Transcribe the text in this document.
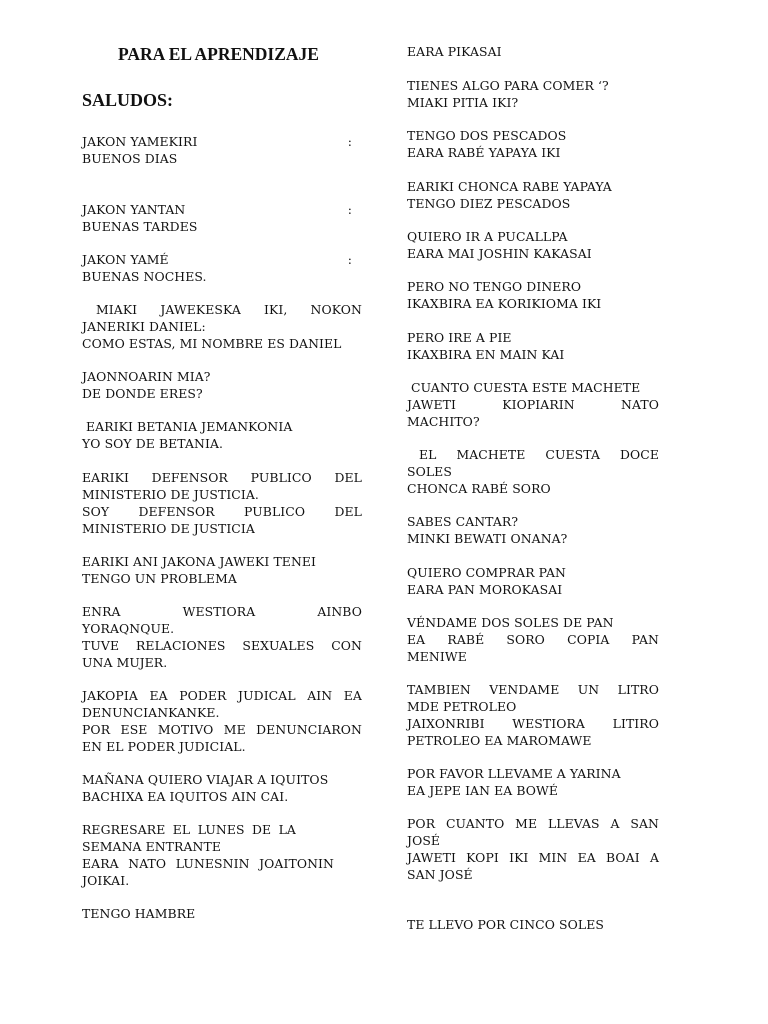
PARA EL APRENDIZAJE
SALUDOS:

JAKON YAMEKIRI	:

BUENOS DIAS

JAKON YANTAN	:

BUENAS TARDES

JAKON YAMÉ	:

BUENAS NOCHES.

MIAKI JAWEKESKA IKI, NOKON

JANERIKI DANIEL:

COMO ESTAS, MI NOMBRE ES DANIEL

JAONNOARIN MIA?

DE DONDE ERES?

EARIKI BETANIA JEMANKONIA

YO SOY DE BETANIA.

EARIKI DEFENSOR PUBLICO DEL

MINISTERIO DE JUSTICIA.

SOY DEFENSOR PUBLICO DEL

MINISTERIO DE JUSTICIA

EARIKI ANI JAKONA JAWEKI TENEI

TENGO UN PROBLEMA

ENRA	WESTIORA	AINBO

YORAQNQUE.

TUVE RELACIONES SEXUALES CON

UNA MUJER.

JAKOPIA EA PODER JUDICAL AIN EA

DENUNCIANKANKE.

POR ESE MOTIVO ME DENUNCIARON

EN EL PODER JUDICIAL.

MAÑANA QUIERO VIAJAR A IQUITOS

BACHIXA EA IQUITOS AIN CAI.

REGRESARE EL LUNES DE LA

SEMANA ENTRANTE

EARA NATO LUNESNIN JOAITONIN

JOIKAI.

TENGO HAMBRE

EARA PIKASAI

TIENES ALGO PARA COMER ‘?

MIAKI PITIA IKI?

TENGO DOS PESCADOS

EARA RABÉ YAPAYA IKI

EARIKI CHONCA RABE YAPAYA

TENGO DIEZ PESCADOS

QUIERO IR A PUCALLPA

EARA MAI JOSHIN KAKASAI

PERO NO TENGO DINERO

IKAXBIRA EA KORIKIOMA IKI

PERO IRE A PIE

IKAXBIRA EN MAIN KAI

CUANTO CUESTA ESTE MACHETE

JAWETI	KIOPIARIN	NATO

MACHITO?

EL MACHETE CUESTA DOCE

SOLES

CHONCA RABÉ SORO

SABES CANTAR?

MINKI BEWATI ONANA?

QUIERO COMPRAR PAN

EARA PAN MOROKASAI

VÉNDAME DOS SOLES DE PAN

EA RABÉ SORO COPIA PAN

MENIWE

TAMBIEN VENDAME UN LITRO

MDE PETROLEO

JAIXONRIBI WESTIORA LITIRO

PETROLEO EA MAROMAWE

POR FAVOR LLEVAME A YARINA

EA JEPE IAN EA BOWÉ

POR CUANTO ME LLEVAS A SAN

JOSÉ

JAWETI KOPI IKI MIN EA BOAI A

SAN JOSÉ

TE LLEVO POR CINCO SOLES
